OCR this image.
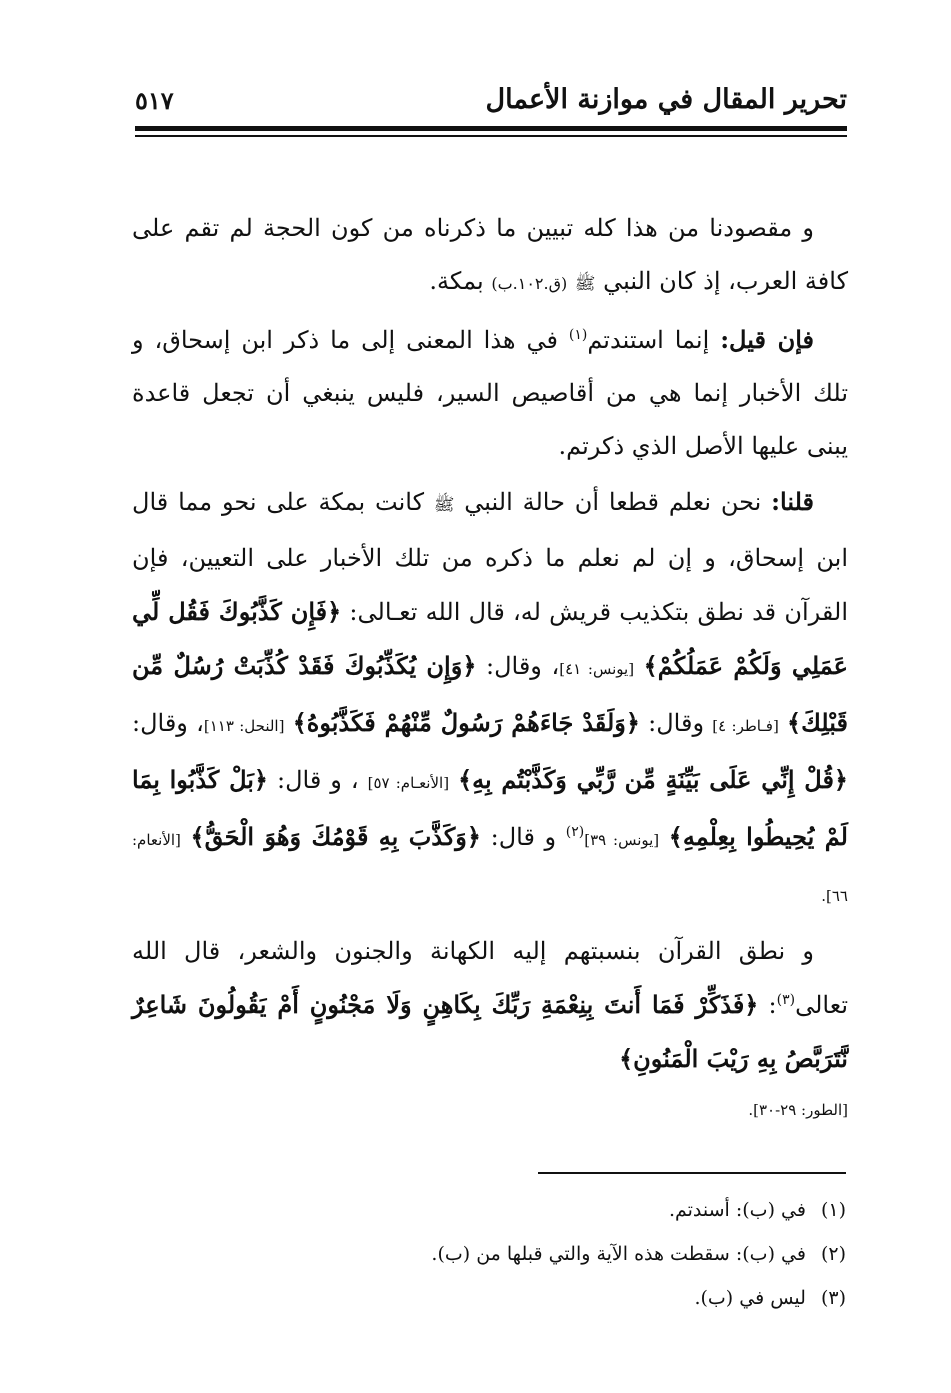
تحرير المقال في موازنة الأعمال
٥١٧

و مقصودنا من هذا كله تبيين ما ذكرناه من كون الحجة لم تقم على كافة العرب، إذ كان النبي ﷺ (ق.١٠٢.ب) بمكة.

فإن قيل: إنما استندتم$^{(١)}$ في هذا المعنى إلى ما ذكر ابن إسحاق، و تلك الأخبار إنما هي من أقاصيص السير، فليس ينبغي أن تجعل قاعدة يبنى عليها الأصل الذي ذكرتم.

قلنا: نحن نعلم قطعا أن حالة النبي ﷺ كانت بمكة على نحو مما قال ابن إسحاق، و إن لم نعلم ما ذكره من تلك الأخبار على التعيين، فإن القرآن قد نطق بتكذيب قريش له، قال الله تعـالى: ﴿فَإِن كَذَّبُوكَ فَقُل لِّي عَمَلِي وَلَكُمْ عَمَلُكُمْ﴾ [يونس: ٤١]، وقال: ﴿وَإِن يُكَذِّبُوكَ فَقَدْ كُذِّبَتْ رُسُلٌ مِّن قَبْلِكَ﴾ [فـاطر: ٤] وقال: ﴿وَلَقَدْ جَاءَهُمْ رَسُولٌ مِّنْهُمْ فَكَذَّبُوهُ﴾ [النحل: ١١٣]، وقال: ﴿قُلْ إِنِّي عَلَى بَيِّنَةٍ مِّن رَّبِّي وَكَذَّبْتُم بِهِ﴾ [الأنعـام: ٥٧] ، و قال: ﴿بَلْ كَذَّبُوا بِمَا لَمْ يُحِيطُوا بِعِلْمِهِ﴾ [يونس: ٣٩]$^{(٢)}$ و قال: ﴿وَكَذَّبَ بِهِ قَوْمُكَ وَهُوَ الْحَقُّ﴾ [الأنعام: ٦٦].

و نطق القرآن بنسبتهم إليه الكهانة والجنون والشعر، قال الله تعالى$^{(٣)}$: ﴿فَذَكِّرْ فَمَا أَنتَ بِنِعْمَةِ رَبِّكَ بِكَاهِنٍ وَلَا مَجْنُونٍ أَمْ يَقُولُونَ شَاعِرٌ نَّتَرَبَّصُ بِهِ رَيْبَ الْمَنُونِ﴾

[الطور: ٢٩-٣٠].

(١) في (ب): أسندتم.
(٢) في (ب): سقطت هذه الآية والتي قبلها من (ب).
(٣) ليس في (ب).
